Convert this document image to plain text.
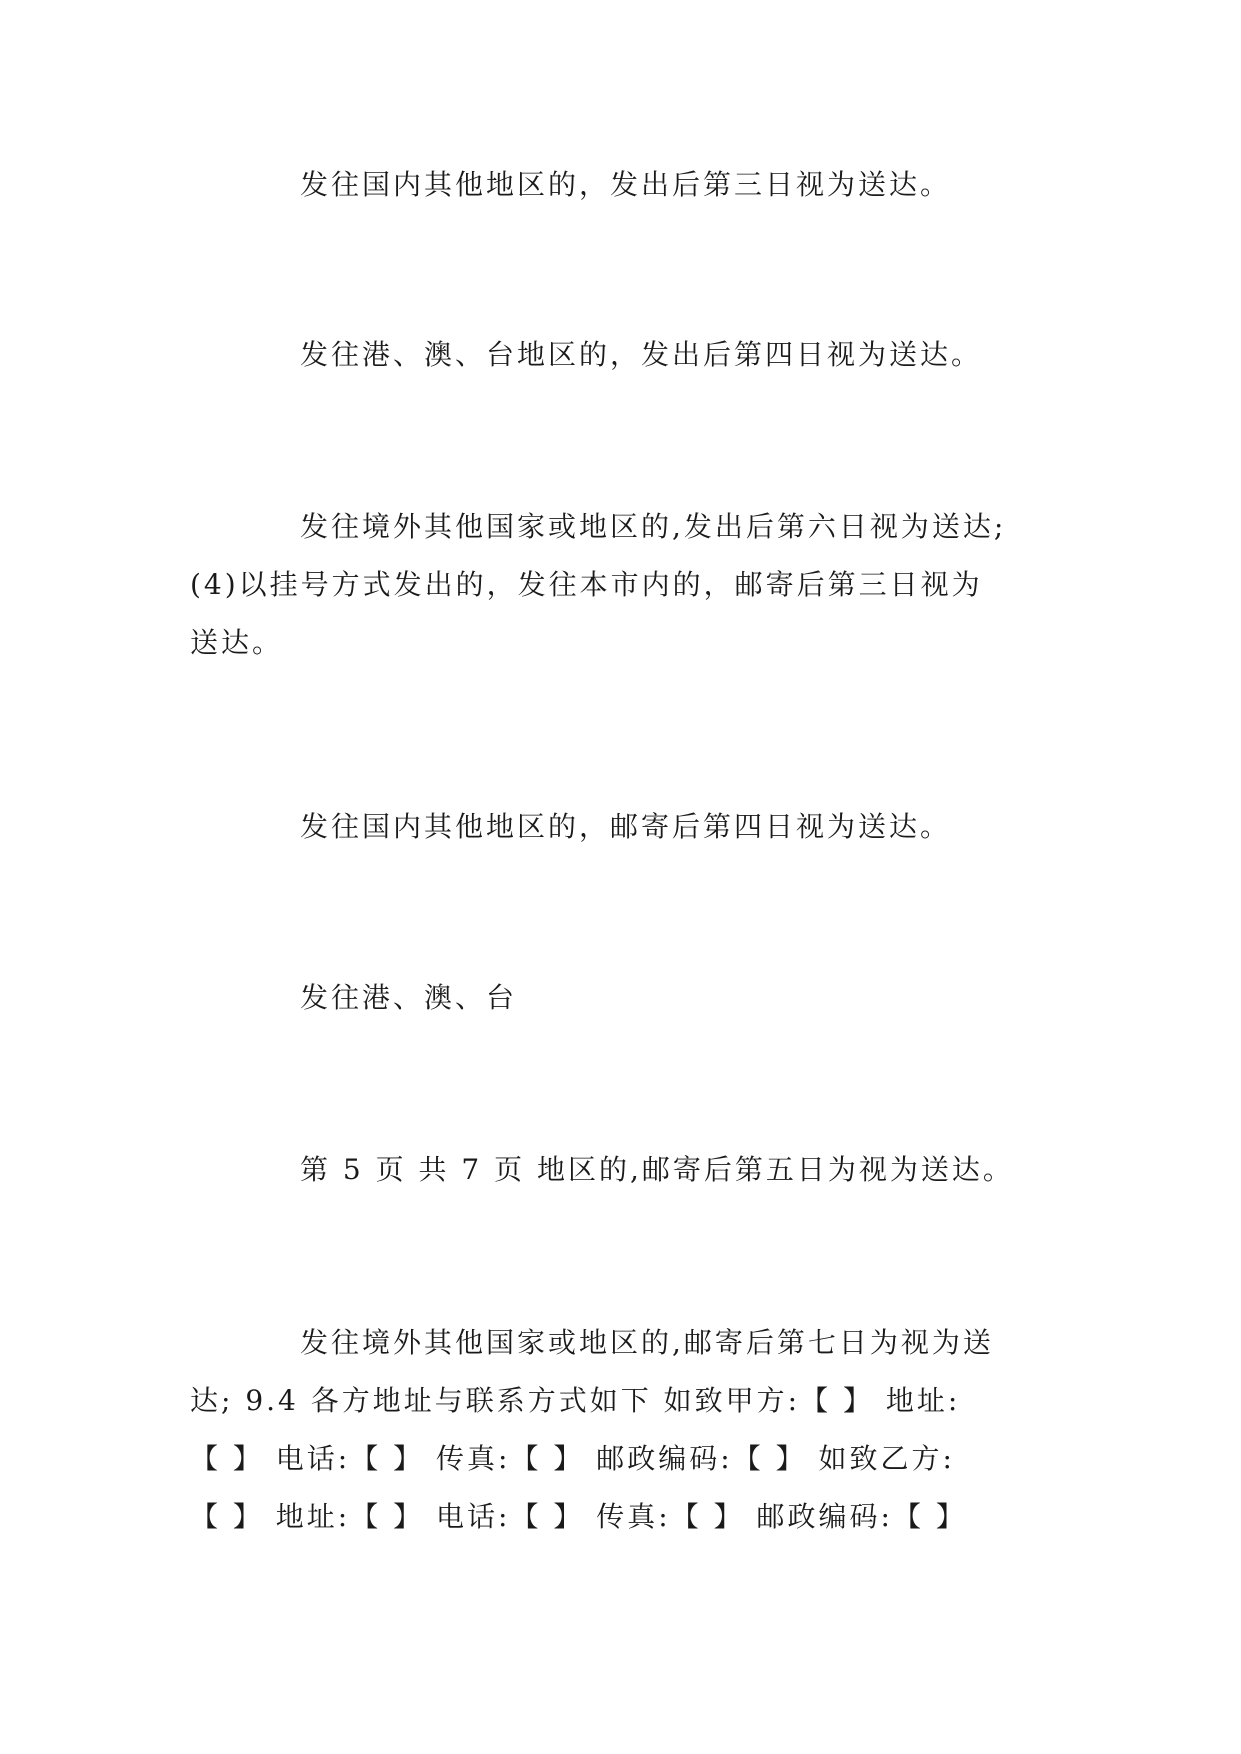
发往国内其他地区的，发出后第三日视为送达。
发往港、澳、台地区的，发出后第四日视为送达。
发往境外其他国家或地区的,发出后第六日视为送达;
(4)以挂号方式发出的，发往本市内的，邮寄后第三日视为
送达。
发往国内其他地区的，邮寄后第四日视为送达。
发往港、澳、台
第 5 页 共 7 页 地区的,邮寄后第五日为视为送达。
发往境外其他国家或地区的,邮寄后第七日为视为送
达; 9.4 各方地址与联系方式如下 如致甲方:【 】 地址:
【 】 电话:【 】 传真:【 】 邮政编码:【 】 如致乙方:
【 】 地址:【 】 电话:【 】 传真:【 】 邮政编码:【 】
